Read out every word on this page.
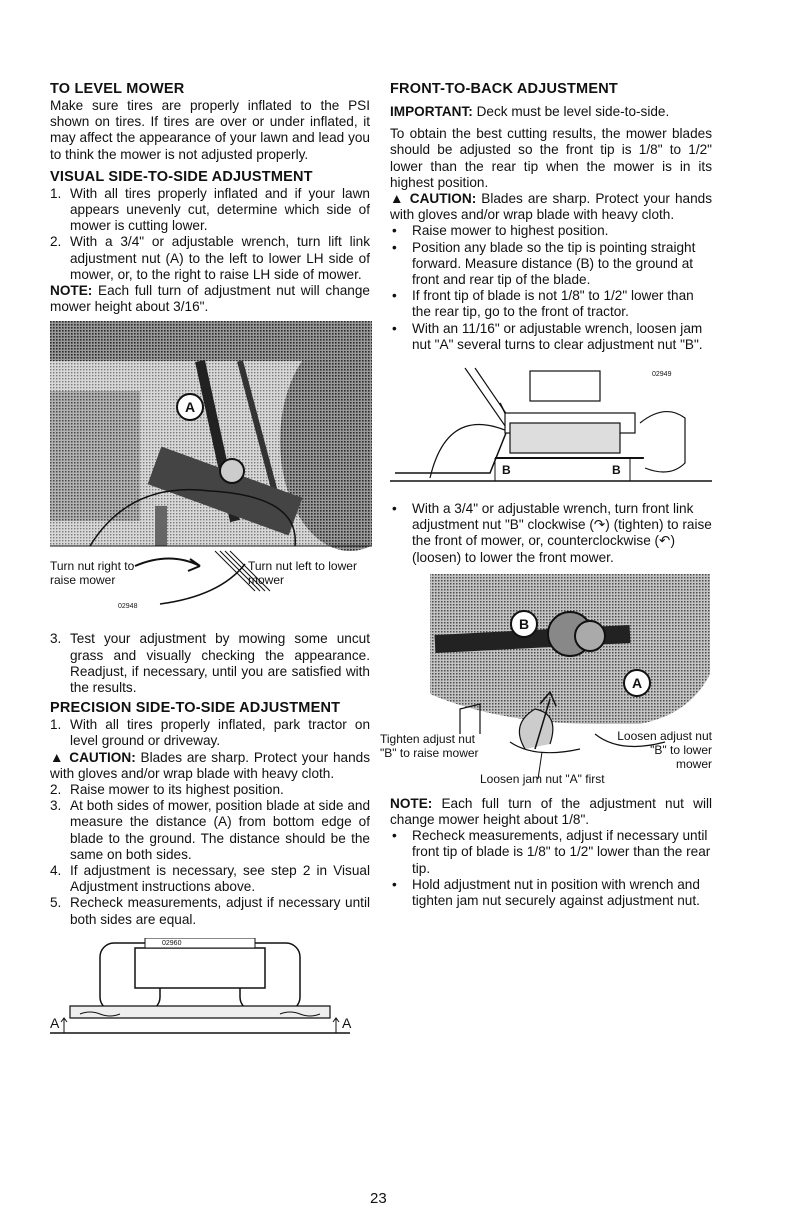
TO LEVEL MOWER

Make sure tires are properly inflated to the PSI shown on tires. If tires are over or under inflated, it may affect the appearance of your lawn and lead you to think the mower is not adjusted properly.

VISUAL SIDE-TO-SIDE ADJUSTMENT
1. With all tires properly inflated and if your lawn appears unevenly cut, determine which side of mower is cutting lower.
2. With a 3/4" or adjustable wrench, turn lift link adjustment nut (A) to the left to lower LH side of mower, or, to the right to raise LH side of mower.

NOTE: Each full turn of adjustment nut will change mower height about 3/16".

A
Turn nut right to raise mower
Turn nut left to lower mower
02948
3. Test your adjustment by mowing some uncut grass and visually checking the appearance. Readjust, if necessary, until you are satisfied with the results.
PRECISION SIDE-TO-SIDE ADJUSTMENT
1. With all tires properly inflated, park tractor on level ground or driveway.

▲ CAUTION: Blades are sharp. Protect your hands with gloves and/or wrap blade with heavy cloth.

2. Raise mower to its highest position.
3. At both sides of mower, position blade at side and measure the distance (A) from bottom edge of blade to the ground. The distance should be the same on both sides.
4. If adjustment is necessary, see step 2 in Visual Adjustment instructions above.
5. Recheck measurements, adjust if necessary until both sides are equal.
02960
A	A
FRONT-TO-BACK ADJUSTMENT

IMPORTANT: Deck must be level side-to-side.

To obtain the best cutting results, the mower blades should be adjusted so the front tip is 1/8" to 1/2" lower than the rear tip when the mower is in its highest position.

▲ CAUTION: Blades are sharp. Protect your hands with gloves and/or wrap blade with heavy cloth.

•	Raise mower to highest position.
•	Position any blade so the tip is pointing straight forward. Measure distance (B) to the ground at front and rear tip of the blade.
•	If front tip of blade is not 1/8" to 1/2" lower than the rear tip, go to the front of tractor.
•	With an 11/16" or adjustable wrench, loosen jam nut "A" several turns to clear adjustment nut "B".
B	B
02949
•	With a 3/4" or adjustable wrench, turn front link adjustment nut "B" clockwise (↷) (tighten) to raise the front of mower, or, counterclockwise (↶) (loosen) to lower the front mower.
B
A
Tighten adjust nut "B" to raise mower
Loosen adjust nut "B" to lower mower
Loosen jam nut "A" first

NOTE: Each full turn of the adjustment nut will change mower height about 1/8".

•	Recheck measurements, adjust if necessary until front tip of blade is 1/8" to 1/2" lower than the rear tip.
•	Hold adjustment nut in position with wrench and tighten jam nut securely against adjustment nut.
23
